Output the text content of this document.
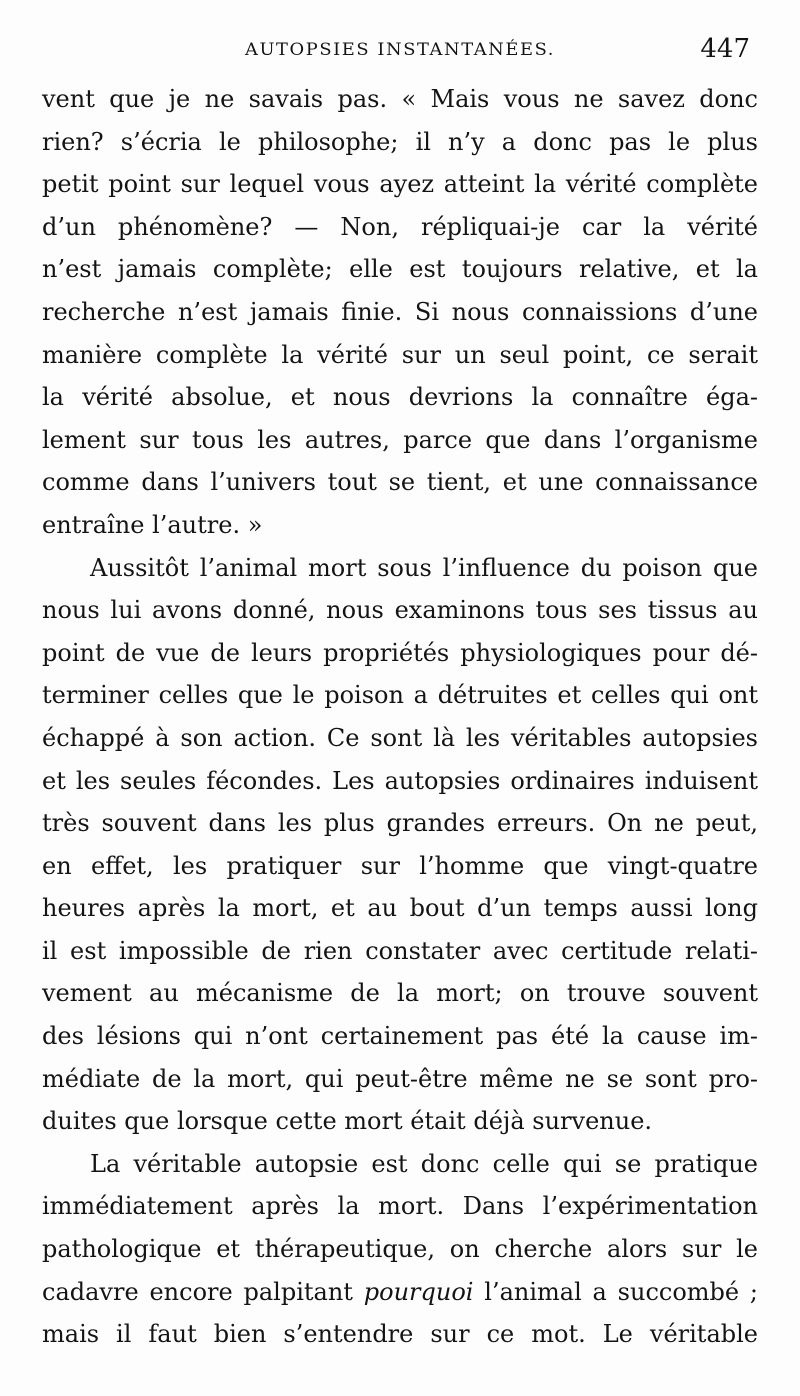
AUTOPSIES INSTANTANÉES.	447
vent que je ne savais pas. « Mais vous ne savez donc
rien? s’écria le philosophe; il n’y a donc pas le plus
petit point sur lequel vous ayez atteint la vérité complète
d’un phénomène? — Non, répliquai-je car la vérité
n’est jamais complète; elle est toujours relative, et la
recherche n’est jamais finie. Si nous connaissions d’une
manière complète la vérité sur un seul point, ce serait
la vérité absolue, et nous devrions la connaître éga-
lement sur tous les autres, parce que dans l’organisme
comme dans l’univers tout se tient, et une connaissance
entraîne l’autre. »
Aussitôt l’animal mort sous l’influence du poison que
nous lui avons donné, nous examinons tous ses tissus au
point de vue de leurs propriétés physiologiques pour dé-
terminer celles que le poison a détruites et celles qui ont
échappé à son action. Ce sont là les véritables autopsies
et les seules fécondes. Les autopsies ordinaires induisent
très souvent dans les plus grandes erreurs. On ne peut,
en effet, les pratiquer sur l’homme que vingt-quatre
heures après la mort, et au bout d’un temps aussi long
il est impossible de rien constater avec certitude relati-
vement au mécanisme de la mort; on trouve souvent
des lésions qui n’ont certainement pas été la cause im-
médiate de la mort, qui peut-être même ne se sont pro-
duites que lorsque cette mort était déjà survenue.
La véritable autopsie est donc celle qui se pratique
immédiatement après la mort. Dans l’expérimentation
pathologique et thérapeutique, on cherche alors sur le
cadavre encore palpitant pourquoi l’animal a succombé ;
mais il faut bien s’entendre sur ce mot. Le véritable
